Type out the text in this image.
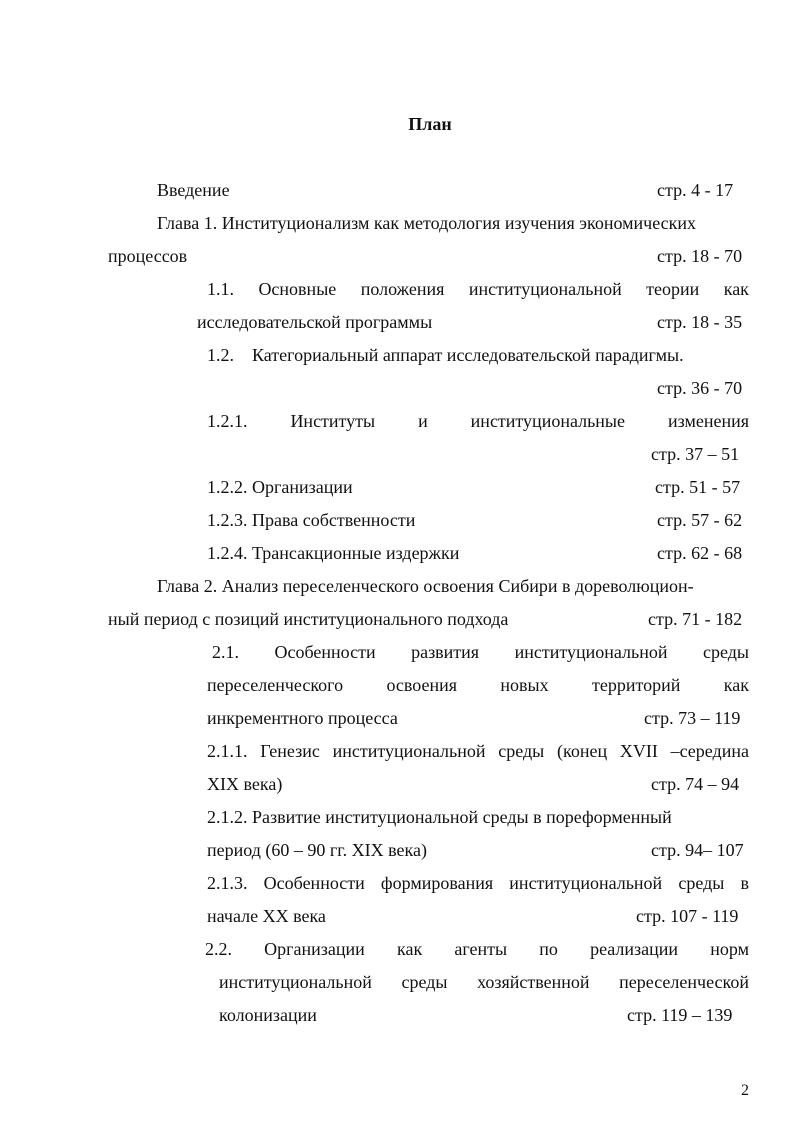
План
Введение	стр. 4 - 17
Глава 1. Институционализм как методология изучения экономических
процессов	стр. 18 - 70
1.1. Основные положения институциональной теории как
исследовательской программы	стр. 18 - 35
1.2.    Категориальный аппарат исследовательской парадигмы.
стр. 36 - 70
1.2.1. Институты и институциональные изменения
стр. 37 – 51
1.2.2. Организации	стр. 51 - 57
1.2.3. Права собственности	стр. 57 - 62
1.2.4. Трансакционные издержки	стр. 62 - 68
Глава 2. Анализ переселенческого освоения Сибири в дореволюцион-
ный период с позиций институционального подхода	стр. 71 - 182
2.1. Особенности развития институциональной среды
переселенческого освоения новых территорий как
инкрементного процесса	стр. 73 – 119
2.1.1. Генезис институциональной среды (конец XVII –середина
XIX века)	стр. 74 – 94
2.1.2. Развитие институциональной среды в пореформенный
период (60 – 90 гг. XIX века)	стр. 94– 107
2.1.3. Особенности формирования институциональной среды в
начале XX века	стр. 107 - 119
2.2. Организации как агенты по реализации норм
институциональной среды хозяйственной переселенческой
колонизации	стр. 119 – 139
2
